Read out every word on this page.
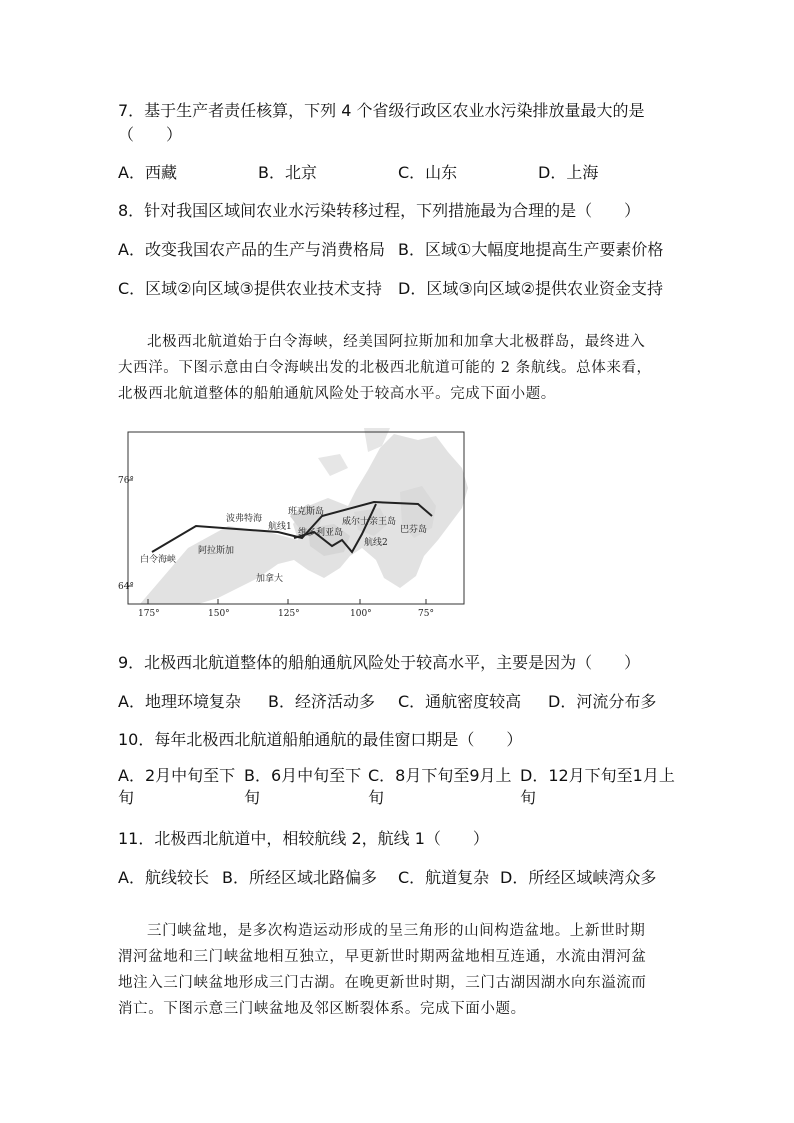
7．基于生产者责任核算，下列 4 个省级行政区农业水污染排放量最大的是
（　　）
A．西藏	B．北京	C．山东	D．上海
8．针对我国区域间农业水污染转移过程，下列措施最为合理的是（　　）
A．改变我国农产品的生产与消费格局 B．区域①大幅度地提高生产要素价格
C．区域②向区域③提供农业技术支持 D．区域③向区域②提供农业资金支持
北极西北航道始于白令海峡，经美国阿拉斯加和加拿大北极群岛，最终进入
大西洋。下图示意由白令海峡出发的北极西北航道可能的 2 条航线。总体来看，
北极西北航道整体的船舶通航风险处于较高水平。完成下面小题。
76°
64°
175°	150°	125°	100°	75°
白令海峡
阿拉斯加
波弗特海
加拿大
班克斯岛
航线1
维多利亚岛
威尔士亲王岛
航线2
巴芬岛
9．北极西北航道整体的船舶通航风险处于较高水平，主要是因为（　　）
A．地理环境复杂 B．经济活动多 C．通航密度较高 D．河流分布多
10．每年北极西北航道船舶通航的最佳窗口期是（　　）
A．2月中旬至下
旬
B．6月中旬至下
旬
C．8月下旬至9月上
旬
D．12月下旬至1月上
旬
11．北极西北航道中，相较航线 2，航线 1（　　）
A．航线较长 B．所经区域北路偏多 C．航道复杂 D．所经区域峡湾众多
三门峡盆地，是多次构造运动形成的呈三角形的山间构造盆地。上新世时期
渭河盆地和三门峡盆地相互独立，早更新世时期两盆地相互连通，水流由渭河盆
地注入三门峡盆地形成三门古湖。在晚更新世时期，三门古湖因湖水向东溢流而
消亡。下图示意三门峡盆地及邻区断裂体系。完成下面小题。
